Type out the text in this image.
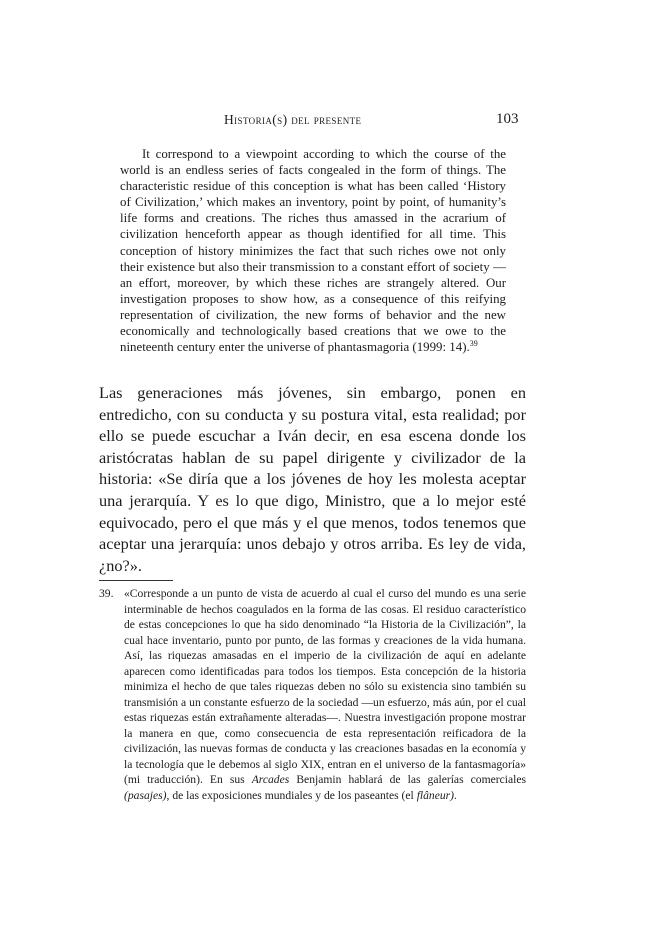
Historia(s) del presente	103

It correspond to a viewpoint according to which the course of the world is an endless series of facts congealed in the form of things. The characteristic residue of this conception is what has been called ‘History of Civilization,’ which makes an inventory, point by point, of humanity’s life forms and creations. The riches thus amassed in the acrarium of civilization henceforth appear as though identified for all time. This conception of history minimizes the fact that such riches owe not only their existence but also their transmission to a constant effort of society — an effort, moreover, by which these riches are strangely altered. Our investigation proposes to show how, as a consequence of this reifying representation of civilization, the new forms of behavior and the new economically and technologically based creations that we owe to the nineteenth century enter the universe of phantasmagoria (1999: 14).$^{39}$

Las generaciones más jóvenes, sin embargo, ponen en entredicho, con su conducta y su postura vital, esta realidad; por ello se puede escuchar a Iván decir, en esa escena donde los aristócratas hablan de su papel dirigente y civilizador de la historia: «Se diría que a los jóvenes de hoy les molesta aceptar una jerarquía. Y es lo que digo, Ministro, que a lo mejor esté equivocado, pero el que más y el que menos, todos tenemos que aceptar una jerarquía: unos debajo y otros arriba. Es ley de vida, ¿no?».

39. «Corresponde a un punto de vista de acuerdo al cual el curso del mundo es una serie interminable de hechos coagulados en la forma de las cosas. El residuo característico de estas concepciones lo que ha sido denominado “la Historia de la Civilización”, la cual hace inventario, punto por punto, de las formas y creaciones de la vida humana. Así, las riquezas amasadas en el imperio de la civilización de aquí en adelante aparecen como identificadas para todos los tiempos. Esta concepción de la historia minimiza el hecho de que tales riquezas deben no sólo su existencia sino también su transmisión a un constante esfuerzo de la sociedad —un esfuerzo, más aún, por el cual estas riquezas están extrañamente alteradas—. Nuestra investigación propone mostrar la manera en que, como consecuencia de esta representación reificadora de la civilización, las nuevas formas de conducta y las creaciones basadas en la economía y la tecnología que le debemos al siglo XIX, entran en el universo de la fantasmagoría» (mi traducción). En sus Arcades Benjamin hablará de las galerías comerciales (pasajes), de las exposiciones mundiales y de los paseantes (el flâneur).
